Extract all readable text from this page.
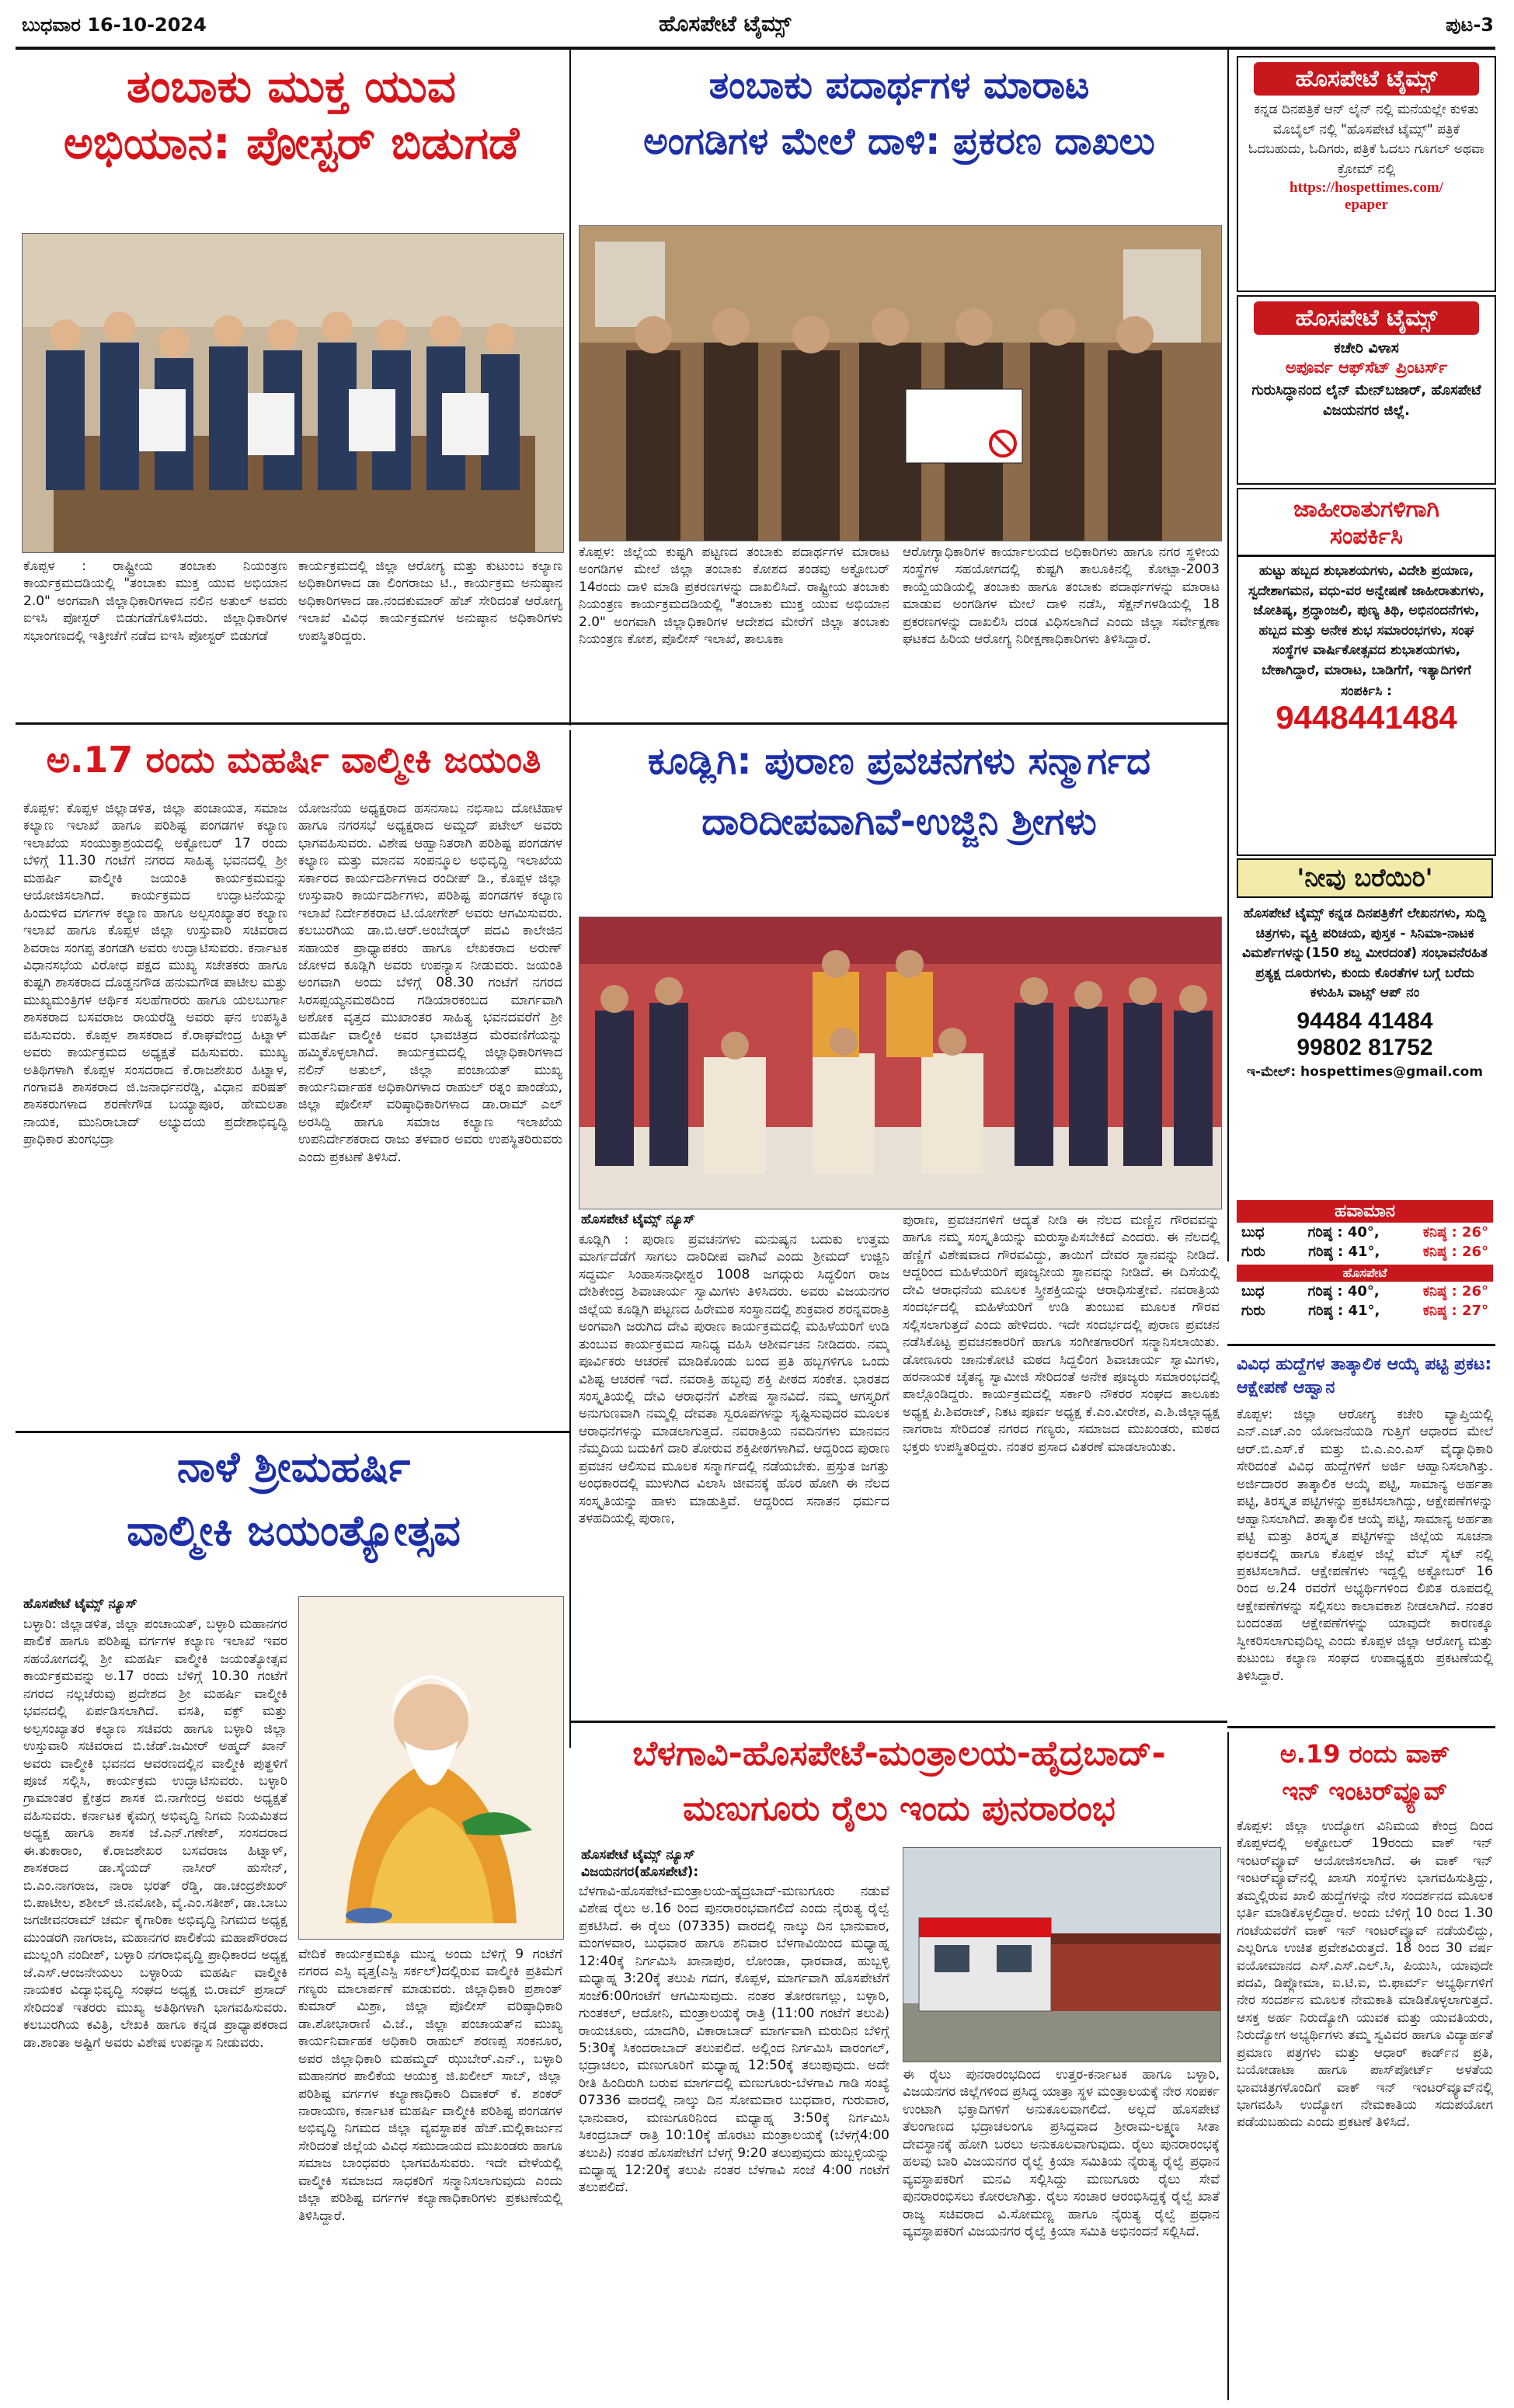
ಬುಧವಾರ 16-10-2024	ಹೊಸಪೇಟೆ ಟೈಮ್ಸ್	ಪುಟ-3
ತಂಬಾಕು ಮುಕ್ತ ಯುವ
ಅಭಿಯಾನ: ಪೋಸ್ಟರ್ ಬಿಡುಗಡೆ
ಕೊಪ್ಪಳ : ರಾಷ್ಟ್ರೀಯ ತಂಬಾಕು ನಿಯಂತ್ರಣ ಕಾರ್ಯಕ್ರಮದಡಿಯಲ್ಲಿ "ತಂಬಾಕು ಮುಕ್ತ ಯುವ ಅಭಿಯಾನ 2.0" ಅಂಗವಾಗಿ ಜಿಲ್ಲಾಧಿಕಾರಿಗಳಾದ ನಲಿನ ಅತುಲ್ ಅವರು ಐಇಸಿ ಪೋಸ್ಟರ್ ಬಿಡುಗಡೆಗೊಳಿಸಿದರು. ಜಿಲ್ಲಾಧಿಕಾರಿಗಳ ಸಭಾಂಗಣದಲ್ಲಿ ಇತ್ತೀಚೆಗೆ ನಡೆದ ಐಇಸಿ ಪೋಸ್ಟರ್ ಬಿಡುಗಡೆ
ಕಾರ್ಯಕ್ರಮದಲ್ಲಿ ಜಿಲ್ಲಾ ಆರೋಗ್ಯ ಮತ್ತು ಕುಟುಂಬ ಕಲ್ಯಾಣ ಅಧಿಕಾರಿಗಳಾದ ಡಾ ಲಿಂಗರಾಜು ಟಿ., ಕಾರ್ಯಕ್ರಮ ಅನುಷ್ಠಾನ ಅಧಿಕಾರಿಗಳಾದ ಡಾ.ನಂದಕುಮಾರ್ ಹೆಚ್ ಸೇರಿದಂತೆ ಆರೋಗ್ಯ ಇಲಾಖೆ ವಿವಿಧ ಕಾರ್ಯಕ್ರಮಗಳ ಅನುಷ್ಠಾನ ಅಧಿಕಾರಿಗಳು ಉಪಸ್ಥಿತರಿದ್ದರು.
ತಂಬಾಕು ಪದಾರ್ಥಗಳ ಮಾರಾಟ
ಅಂಗಡಿಗಳ ಮೇಲೆ ದಾಳಿ: ಪ್ರಕರಣ ದಾಖಲು
ಕೊಪ್ಪಳ: ಜಿಲ್ಲೆಯ ಕುಷ್ಟಗಿ ಪಟ್ಟಣದ ತಂಬಾಕು ಪದಾರ್ಥಗಳ ಮಾರಾಟ ಅಂಗಡಿಗಳ ಮೇಲೆ ಜಿಲ್ಲಾ ತಂಬಾಕು ಕೋಶದ ತಂಡವು ಅಕ್ಟೋಬರ್ 14ರಂದು ದಾಳಿ ಮಾಡಿ ಪ್ರಕರಣಗಳನ್ನು ದಾಖಲಿಸಿದೆ. ರಾಷ್ಟ್ರೀಯ ತಂಬಾಕು ನಿಯಂತ್ರಣ ಕಾರ್ಯಕ್ರಮದಡಿಯಲ್ಲಿ "ತಂಬಾಕು ಮುಕ್ತ ಯುವ ಅಭಿಯಾನ 2.0" ಅಂಗವಾಗಿ ಜಿಲ್ಲಾಧಿಕಾರಿಗಳ ಆದೇಶದ ಮೇರೆಗೆ ಜಿಲ್ಲಾ ತಂಬಾಕು ನಿಯಂತ್ರಣ ಕೋಶ, ಪೊಲೀಸ್ ಇಲಾಖೆ, ತಾಲೂಕಾ
ಆರೋಗ್ಯಾಧಿಕಾರಿಗಳ ಕಾರ್ಯಾಲಯದ ಅಧಿಕಾರಿಗಳು ಹಾಗೂ ನಗರ ಸ್ಥಳೀಯ ಸಂಸ್ಥೆಗಳ ಸಹಯೋಗದಲ್ಲಿ ಕುಷ್ಟಗಿ ತಾಲೂಕಿನಲ್ಲಿ ಕೋಟ್ಪಾ-2003 ಕಾಯ್ದೆಯಡಿಯಲ್ಲಿ ತಂಬಾಕು ಹಾಗೂ ತಂಬಾಕು ಪದಾರ್ಥಗಳನ್ನು ಮಾರಾಟ ಮಾಡುವ ಅಂಗಡಿಗಳ ಮೇಲೆ ದಾಳಿ ನಡೆಸಿ, ಸೆಕ್ಷನ್‌ಗಳಡಿಯಲ್ಲಿ 18 ಪ್ರಕರಣಗಳನ್ನು ದಾಖಲಿಸಿ ದಂಡ ವಿಧಿಸಲಾಗಿದೆ ಎಂದು ಜಿಲ್ಲಾ ಸರ್ವೇಕ್ಷಣಾ ಘಟಕದ ಹಿರಿಯ ಆರೋಗ್ಯ ನಿರೀಕ್ಷಣಾಧಿಕಾರಿಗಳು ತಿಳಿಸಿದ್ದಾರೆ.
ಅ.17 ರಂದು ಮಹರ್ಷಿ ವಾಲ್ಮೀಕಿ ಜಯಂತಿ
ಕೊಪ್ಪಳ: ಕೊಪ್ಪಳ ಜಿಲ್ಲಾಡಳಿತ, ಜಿಲ್ಲಾ ಪಂಚಾಯತ, ಸಮಾಜ ಕಲ್ಯಾಣ ಇಲಾಖೆ ಹಾಗೂ ಪರಿಶಿಷ್ಟ ಪಂಗಡಗಳ ಕಲ್ಯಾಣ ಇಲಾಖೆಯ ಸಂಯುಕ್ತಾಶ್ರಯದಲ್ಲಿ ಅಕ್ಟೋಬರ್ 17 ರಂದು ಬೆಳಿಗ್ಗೆ 11.30 ಗಂಟೆಗೆ ನಗರದ ಸಾಹಿತ್ಯ ಭವನದಲ್ಲಿ ಶ್ರೀ ಮಹರ್ಷಿ ವಾಲ್ಮೀಕಿ ಜಯಂತಿ ಕಾರ್ಯಕ್ರಮವನ್ನು ಆಯೋಜಿಸಲಾಗಿದೆ. ಕಾರ್ಯಕ್ರಮದ ಉದ್ಘಾಟನೆಯನ್ನು ಹಿಂದುಳಿದ ವರ್ಗಗಳ ಕಲ್ಯಾಣ ಹಾಗೂ ಅಲ್ಪಸಂಖ್ಯಾತರ ಕಲ್ಯಾಣ ಇಲಾಖೆ ಹಾಗೂ ಕೊಪ್ಪಳ ಜಿಲ್ಲಾ ಉಸ್ತುವಾರಿ ಸಚಿವರಾದ ಶಿವರಾಜ ಸಂಗಪ್ಪ ತಂಗಡಗಿ ಅವರು ಉದ್ಘಾಟಿಸುವರು. ಕರ್ನಾಟಕ ವಿಧಾನಸಭೆಯ ವಿರೋಧ ಪಕ್ಷದ ಮುಖ್ಯ ಸಚೇತಕರು ಹಾಗೂ ಕುಷ್ಟಗಿ ಶಾಸಕರಾದ ದೊಡ್ಡನಗೌಡ ಹನುಮಗೌಡ ಪಾಟೀಲ ಮತ್ತು ಮುಖ್ಯಮಂತ್ರಿಗಳ ಆರ್ಥಿಕ ಸಲಹೆಗಾರರು ಹಾಗೂ ಯಲಬುರ್ಗಾ ಶಾಸಕರಾದ ಬಸವರಾಜ ರಾಯರೆಡ್ಡಿ ಅವರು ಘನ ಉಪಸ್ಥಿತಿ ವಹಿಸುವರು. ಕೊಪ್ಪಳ ಶಾಸಕರಾದ ಕೆ.ರಾಘವೇಂದ್ರ ಹಿಟ್ನಾಳ್ ಅವರು ಕಾರ್ಯಕ್ರಮದ ಅಧ್ಯಕ್ಷತೆ ವಹಿಸುವರು. ಮುಖ್ಯ ಅತಿಥಿಗಳಾಗಿ ಕೊಪ್ಪಳ ಸಂಸದರಾದ ಕೆ.ರಾಜಶೇಖರ ಹಿಟ್ನಾಳ, ಗಂಗಾವತಿ ಶಾಸಕರಾದ ಜಿ.ಜನಾರ್ಧನರೆಡ್ಡಿ, ವಿಧಾನ ಪರಿಷತ್ ಶಾಸಕರುಗಳಾದ ಶರಣೇಗೌಡ ಬಯ್ಯಾಪೂರ, ಹೇಮಲತಾ ನಾಯಕ, ಮುನಿರಾಬಾದ್ ಅಭ್ಯುದಯ ಪ್ರದೇಶಾಭಿವೃದ್ಧಿ ಪ್ರಾಧಿಕಾರ ತುಂಗಭದ್ರಾ
ಯೋಜನೆಯ ಅಧ್ಯಕ್ಷರಾದ ಹಸನಸಾಬ ನಭಿಸಾಬ ದೋಟಿಹಾಳ ಹಾಗೂ ನಗರಸಭೆ ಅಧ್ಯಕ್ಷರಾದ ಅಮ್ಜದ್ ಪಟೇಲ್ ಅವರು ಭಾಗವಹಿಸುವರು. ವಿಶೇಷ ಆಹ್ವಾನಿತರಾಗಿ ಪರಿಶಿಷ್ಟ ಪಂಗಡಗಳ ಕಲ್ಯಾಣ ಮತ್ತು ಮಾನವ ಸಂಪನ್ಮೂಲ ಅಭಿವೃದ್ಧಿ ಇಲಾಖೆಯ ಸರ್ಕಾರದ ಕಾರ್ಯದರ್ಶಿಗಳಾದ ರಂದೀಪ್ ಡಿ., ಕೊಪ್ಪಳ ಜಿಲ್ಲಾ ಉಸ್ತುವಾರಿ ಕಾರ್ಯದರ್ಶಿಗಳು, ಪರಿಶಿಷ್ಟ ಪಂಗಡಗಳ ಕಲ್ಯಾಣ ಇಲಾಖೆ ನಿರ್ದೇಶಕರಾದ ಟಿ.ಯೋಗೇಶ್ ಅವರು ಆಗಮಿಸುವರು. ಕಲಬುರಗಿಯ ಡಾ.ಬಿ.ಆರ್.ಅಂಬೇಡ್ಕರ್ ಪದವಿ ಕಾಲೇಜಿನ ಸಹಾಯಕ ಪ್ರಾಧ್ಯಾಪಕರು ಹಾಗೂ ಲೇಖಕರಾದ ಅರುಣ್ ಜೋಳದ ಕೂಡ್ಲಿಗಿ ಅವರು ಉಪನ್ಯಾಸ ನೀಡುವರು. ಜಯಂತಿ ಅಂಗವಾಗಿ ಅಂದು ಬೆಳಿಗ್ಗೆ 08.30 ಗಂಟೆಗೆ ನಗರದ ಸಿರಸಪ್ಪಯ್ಯನಮಠದಿಂದ ಗಡಿಯಾರಕಂಬದ ಮಾರ್ಗವಾಗಿ ಅಶೋಕ ವೃತ್ತದ ಮುಖಾಂತರ ಸಾಹಿತ್ಯ ಭವನದವರೆಗೆ ಶ್ರೀ ಮಹರ್ಷಿ ವಾಲ್ಮೀಕಿ ಅವರ ಭಾವಚಿತ್ರದ ಮೆರವಣಿಗೆಯನ್ನು ಹಮ್ಮಿಕೊಳ್ಳಲಾಗಿದೆ. ಕಾರ್ಯಕ್ರಮದಲ್ಲಿ ಜಿಲ್ಲಾಧಿಕಾರಿಗಳಾದ ನಲಿನ್ ಅತುಲ್, ಜಿಲ್ಲಾ ಪಂಚಾಯತ್ ಮುಖ್ಯ ಕಾರ್ಯನಿರ್ವಾಹಕ ಅಧಿಕಾರಿಗಳಾದ ರಾಹುಲ್ ರತ್ನಂ ಪಾಂಡೆಯ, ಜಿಲ್ಲಾ ಪೊಲೀಸ್ ವರಿಷ್ಠಾಧಿಕಾರಿಗಳಾದ ಡಾ.ರಾಮ್ ಎಲ್ ಅರಸಿದ್ದಿ ಹಾಗೂ ಸಮಾಜ ಕಲ್ಯಾಣ ಇಲಾಖೆಯ ಉಪನಿರ್ದೇಶಕರಾದ ರಾಜು ತಳವಾರ ಅವರು ಉಪಸ್ಥಿತರಿರುವರು ಎಂದು ಪ್ರಕಟಣೆ ತಿಳಿಸಿದೆ.
ಕೂಡ್ಲಿಗಿ: ಪುರಾಣ ಪ್ರವಚನಗಳು ಸನ್ಮಾರ್ಗದ
ದಾರಿದೀಪವಾಗಿವೆ-ಉಜ್ಜಿನಿ ಶ್ರೀಗಳು
ಹೊಸಪೇಟೆ ಟೈಮ್ಸ್ ನ್ಯೂಸ್
ಕೂಡ್ಲಿಗಿ : ಪುರಾಣ ಪ್ರವಚನಗಳು ಮನುಷ್ಯನ ಬದುಕು ಉತ್ತಮ ಮಾರ್ಗದೆಡೆಗೆ ಸಾಗಲು ದಾರಿದೀಪ ವಾಗಿವೆ ಎಂದು ಶ್ರೀಮದ್ ಉಜ್ಜಿನಿ ಸದ್ಧರ್ಮ ಸಿಂಹಾಸನಾಧೀಶ್ವರ 1008 ಜಗದ್ಗುರು ಸಿದ್ಧಲಿಂಗ ರಾಜ ದೇಶಿಕೇಂದ್ರ ಶಿವಾಚಾರ್ಯ ಸ್ವಾಮಿಗಳು ತಿಳಿಸಿದರು. ಅವರು ವಿಜಯನಗರ ಜಿಲ್ಲೆಯ ಕೂಡ್ಲಿಗಿ ಪಟ್ಟಣದ ಹಿರೇಮಠ ಸಂಸ್ಥಾನದಲ್ಲಿ ಶುಕ್ರವಾರ ಶರನ್ನವರಾತ್ರಿ ಅಂಗವಾಗಿ ಜರುಗಿದ ದೇವಿ ಪುರಾಣ ಕಾರ್ಯಕ್ರಮದಲ್ಲಿ ಮಹಿಳೆಯರಿಗೆ ಉಡಿ ತುಂಬುವ ಕಾರ್ಯಕ್ರಮದ ಸಾನಿಧ್ಯ ವಹಿಸಿ ಆಶೀರ್ವಚನ ನೀಡಿದರು. ನಮ್ಮ ಪೂರ್ವಿಕರು ಆಚರಣೆ ಮಾಡಿಕೊಂಡು ಬಂದ ಪ್ರತಿ ಹಬ್ಬಗಳಿಗೂ ಒಂದು ವಿಶಿಷ್ಟ ಆಚರಣೆ ಇದೆ. ನವರಾತ್ರಿ ಹಬ್ಬವು ಶಕ್ತಿ ಪೀಠದ ಸಂಕೇತ. ಭಾರತದ ಸಂಸ್ಕೃತಿಯಲ್ಲಿ ದೇವಿ ಆರಾಧನೆಗೆ ವಿಶೇಷ ಸ್ಥಾನವಿದೆ. ನಮ್ಮ ಆಗಸ್ತ್ಯರಿಗೆ ಅನುಗುಣವಾಗಿ ನಮ್ಮಲ್ಲಿ ದೇವತಾ ಸ್ವರೂಪಗಳನ್ನು ಸೃಷ್ಟಿಸುವುದರ ಮೂಲಕ ಆರಾಧನೆಗಳನ್ನು ಮಾಡಲಾಗುತ್ತದೆ. ನವರಾತ್ರಿಯ ನವದಿನಗಳು ಮಾನವನ ನೆಮ್ಮದಿಯ ಬದುಕಿಗೆ ದಾರಿ ತೋರುವ ಶಕ್ತಿಪೀಠಗಳಾಗಿವೆ. ಆದ್ದರಿಂದ ಪುರಾಣ ಪ್ರವಚನ ಆಲಿಸುವ ಮೂಲಕ ಸನ್ಮಾರ್ಗದಲ್ಲಿ ನಡೆಯಬೇಕು. ಪ್ರಸ್ತುತ ಜಗತ್ತು ಅಂಧಕಾರದಲ್ಲಿ ಮುಳುಗಿದ ವಿಲಾಸಿ ಜೀವನಕ್ಕೆ ಹೊರ ಹೋಗಿ ಈ ನೆಲದ ಸಂಸ್ಕೃತಿಯನ್ನು ಹಾಳು ಮಾಡುತ್ತಿವೆ. ಆದ್ದರಿಂದ ಸನಾತನ ಧರ್ಮದ ತಳಹದಿಯಲ್ಲಿ ಪುರಾಣ,
ಪುರಾಣ, ಪ್ರವಚನಗಳಿಗೆ ಆದ್ಯತೆ ನೀಡಿ ಈ ನೆಲದ ಮಣ್ಣಿನ ಗೌರವವನ್ನು ಹಾಗೂ ನಮ್ಮ ಸಂಸ್ಕೃತಿಯನ್ನು ಮರುಸ್ಥಾಪಿಸಬೇಕಿದೆ ಎಂದರು. ಈ ನೆಲದಲ್ಲಿ ಹೆಣ್ಣಿಗೆ ವಿಶೇಷವಾದ ಗೌರವವಿದ್ದು, ತಾಯಿಗೆ ದೇವರ ಸ್ಥಾನವನ್ನು ನೀಡಿದೆ. ಆದ್ದರಿಂದ ಮಹಿಳೆಯರಿಗೆ ಪೂಜ್ಯನೀಯ ಸ್ಥಾನವನ್ನು ನೀಡಿದೆ. ಈ ದಿಸೆಯಲ್ಲಿ ದೇವಿ ಆರಾಧನೆಯ ಮೂಲಕ ಸ್ತ್ರೀಶಕ್ತಿಯನ್ನು ಆರಾಧಿಸುತ್ತೇವೆ. ನವರಾತ್ರಿಯ ಸಂದರ್ಭದಲ್ಲಿ ಮಹಿಳೆಯರಿಗೆ ಉಡಿ ತುಂಬುವ ಮೂಲಕ ಗೌರವ ಸಲ್ಲಿಸಲಾಗುತ್ತದೆ ಎಂದು ಹೇಳಿದರು. ಇದೇ ಸಂದರ್ಭದಲ್ಲಿ ಪುರಾಣ ಪ್ರವಚನ ನಡೆಸಿಕೊಟ್ಟ ಪ್ರವಚನಕಾರರಿಗೆ ಹಾಗೂ ಸಂಗೀತಗಾರರಿಗೆ ಸನ್ಮಾನಿಸಲಾಯಿತು. ಡೋಣೂರು ಚಾನುಕೋಟಿ ಮಠದ ಸಿದ್ದಲಿಂಗ ಶಿವಾಚಾರ್ಯ ಸ್ವಾಮಿಗಳು, ಹರನಾಯಕ ಚೈತನ್ಯ ಸ್ವಾಮೀಜಿ ಸೇರಿದಂತೆ ಅನೇಕ ಪೂಜ್ಯರು ಸಮಾರಂಭದಲ್ಲಿ ಪಾಲ್ಗೊಂಡಿದ್ದರು. ಕಾರ್ಯಕ್ರಮದಲ್ಲಿ ಸರ್ಕಾರಿ ನೌಕರರ ಸಂಘದ ತಾಲೂಕು ಅಧ್ಯಕ್ಷ ಪಿ.ಶಿವರಾಜ್, ನಿಕಟ ಪೂರ್ವ ಅಧ್ಯಕ್ಷ ಕೆ.ಎಂ.ವೀರೇಶ, ಎ.ಶಿ.ಜಿಲ್ಲಾಧ್ಯಕ್ಷ ನಾಗರಾಜ ಸೇರಿದಂತೆ ನಗರದ ಗಣ್ಯರು, ಸಮಾಜದ ಮುಖಂಡರು, ಮಠದ ಭಕ್ತರು ಉಪಸ್ಥಿತರಿದ್ದರು. ನಂತರ ಪ್ರಸಾದ ವಿತರಣೆ ಮಾಡಲಾಯಿತು.
ನಾಳೆ ಶ್ರೀಮಹರ್ಷಿ
ವಾಲ್ಮೀಕಿ ಜಯಂತ್ಯೋತ್ಸವ
ಹೊಸಪೇಟೆ ಟೈಮ್ಸ್ ನ್ಯೂಸ್
ಬಳ್ಳಾರಿ: ಜಿಲ್ಲಾಡಳಿತ, ಜಿಲ್ಲಾ ಪಂಚಾಯತ್, ಬಳ್ಳಾರಿ ಮಹಾನಗರ ಪಾಲಿಕೆ ಹಾಗೂ ಪರಿಶಿಷ್ಟ ವರ್ಗಗಳ ಕಲ್ಯಾಣ ಇಲಾಖೆ ಇವರ ಸಹಯೋಗದಲ್ಲಿ ಶ್ರೀ ಮಹರ್ಷಿ ವಾಲ್ಮೀಕಿ ಜಯಂತ್ಯೋತ್ಸವ ಕಾರ್ಯಕ್ರಮವನ್ನು ಅ.17 ರಂದು ಬೆಳಿಗ್ಗೆ 10.30 ಗಂಟೆಗೆ ನಗರದ ನಲ್ಲಚೆರುವು ಪ್ರದೇಶದ ಶ್ರೀ ಮಹರ್ಷಿ ವಾಲ್ಮೀಕಿ ಭವನದಲ್ಲಿ ಏರ್ಪಡಿಸಲಾಗಿದೆ. ವಸತಿ, ವಕ್ಫ್ ಮತ್ತು ಅಲ್ಪಸಂಖ್ಯಾತರ ಕಲ್ಯಾಣ ಸಚಿವರು ಹಾಗೂ ಬಳ್ಳಾರಿ ಜಿಲ್ಲಾ ಉಸ್ತುವಾರಿ ಸಚಿವರಾದ ಬಿ.ಜೆಡ್.ಜಮೀರ್ ಅಹ್ಮದ್ ಖಾನ್ ಅವರು ವಾಲ್ಮೀಕಿ ಭವನದ ಆವರಣದಲ್ಲಿನ ವಾಲ್ಮೀಕಿ ಪುತ್ಥಳಿಗೆ ಪೂಜೆ ಸಲ್ಲಿಸಿ, ಕಾರ್ಯಕ್ರಮ ಉದ್ಘಾಟಿಸುವರು. ಬಳ್ಳಾರಿ ಗ್ರಾಮಾಂತರ ಕ್ಷೇತ್ರದ ಶಾಸಕ ಬಿ.ನಾಗೇಂದ್ರ ಅವರು ಅಧ್ಯಕ್ಷತೆ ವಹಿಸುವರು. ಕರ್ನಾಟಕ ಕೈಮಗ್ಗ ಅಭಿವೃದ್ಧಿ ನಿಗಮ ನಿಯಮಿತದ ಅಧ್ಯಕ್ಷ ಹಾಗೂ ಶಾಸಕ ಜೆ.ಎನ್.ಗಣೇಶ್, ಸಂಸದರಾದ ಈ.ತುಕಾರಾಂ, ಕೆ.ರಾಜಶೇಖರ ಬಸವರಾಜ ಹಿಟ್ನಾಳ್, ಶಾಸಕರಾದ ಡಾ.ಸೈಯದ್ ನಾಸೀರ್ ಹುಸೇನ್, ಬಿ.ಎಂ.ನಾಗರಾಜ, ನಾರಾ ಭರತ್ ರೆಡ್ಡಿ, ಡಾ.ಚಂದ್ರಶೇಖರ್ ಬಿ.ಪಾಟೀಲ, ಶಶೀಲ್ ಜಿ.ನಮೋಶಿ, ವೈ.ಎಂ.ಸತೀಶ್, ಡಾ.ಬಾಬು ಜಗಜೀವನರಾಮ್ ಚರ್ಮ ಕೈಗಾರಿಕಾ ಅಭಿವೃದ್ಧಿ ನಿಗಮದ ಅಧ್ಯಕ್ಷ ಮುಂಡರಗಿ ನಾಗರಾಜ, ಮಹಾನಗರ ಪಾಲಿಕೆಯ ಮಹಾಪೌರರಾದ ಮುಲ್ಲಂಗಿ ನಂದೀಶ್, ಬಳ್ಳಾರಿ ನಗರಾಭಿವೃದ್ಧಿ ಪ್ರಾಧಿಕಾರದ ಅಧ್ಯಕ್ಷ ಜೆ.ಎಸ್.ಆಂಜನೇಯಲು ಬಳ್ಳಾರಿಯ ಮಹರ್ಷಿ ವಾಲ್ಮೀಕಿ ನಾಯಕರ ವಿದ್ಯಾಭಿವೃದ್ಧಿ ಸಂಘದ ಅಧ್ಯಕ್ಷ ಬಿ.ರಾಮ್ ಪ್ರಸಾದ್ ಸೇರಿದಂತೆ ಇತರರು ಮುಖ್ಯ ಅತಿಥಿಗಳಾಗಿ ಭಾಗವಹಿಸುವರು. ಕಲಬುರಗಿಯ ಕವಿತ್ರಿ, ಲೇಖಕಿ ಹಾಗೂ ಕನ್ನಡ ಪ್ರಾಧ್ಯಾಪಕರಾದ ಡಾ.ಶಾಂತಾ ಅಷ್ಟಿಗೆ ಅವರು ವಿಶೇಷ ಉಪನ್ಯಾಸ ನೀಡುವರು.
ವೇದಿಕೆ ಕಾರ್ಯಕ್ರಮಕ್ಕೂ ಮುನ್ನ ಅಂದು ಬೆಳಿಗ್ಗೆ 9 ಗಂಟೆಗೆ ನಗರದ ಎಸ್ಪಿ ವೃತ್ತ(ಎಸ್ಪಿ ಸರ್ಕಲ್)ದಲ್ಲಿರುವ ವಾಲ್ಮೀಕಿ ಪ್ರತಿಮೆಗೆ ಗಣ್ಯರು ಮಾಲಾರ್ಪಣೆ ಮಾಡುವರು. ಜಿಲ್ಲಾಧಿಕಾರಿ ಪ್ರಶಾಂತ್ ಕುಮಾರ್ ಮಿಶ್ರಾ, ಜಿಲ್ಲಾ ಪೊಲೀಸ್ ವರಿಷ್ಠಾಧಿಕಾರಿ ಡಾ.ಶೋಭಾರಾಣಿ ವಿ.ಜೆ., ಜಿಲ್ಲಾ ಪಂಚಾಯತ್‌ನ ಮುಖ್ಯ ಕಾರ್ಯನಿರ್ವಾಹಕ ಅಧಿಕಾರಿ ರಾಹುಲ್ ಶರಣಪ್ಪ ಸಂಕನೂರ, ಅಪರ ಜಿಲ್ಲಾಧಿಕಾರಿ ಮಹಮ್ಮದ್ ಝುಬೇರ್.ಎನ್., ಬಳ್ಳಾರಿ ಮಹಾನಗರ ಪಾಲಿಕೆಯ ಆಯುಕ್ತ ಜಿ.ಖಲೀಲ್ ಸಾಬ್, ಜಿಲ್ಲಾ ಪರಿಶಿಷ್ಟ ವರ್ಗಗಳ ಕಲ್ಯಾಣಾಧಿಕಾರಿ ದಿವಾಕರ್ ಕೆ. ಶಂಕರ್ ನಾರಾಯಣ, ಕರ್ನಾಟಕ ಮಹರ್ಷಿ ವಾಲ್ಮೀಕಿ ಪರಿಶಿಷ್ಟ ಪಂಗಡಗಳ ಅಭಿವೃದ್ಧಿ ನಿಗಮದ ಜಿಲ್ಲಾ ವ್ಯವಸ್ಥಾಪಕ ಹೆಚ್.ಮಲ್ಲಿಕಾರ್ಜುನ ಸೇರಿದಂತೆ ಜಿಲ್ಲೆಯ ವಿವಿಧ ಸಮುದಾಯದ ಮುಖಂಡರು ಹಾಗೂ ಸಮಾಜ ಬಾಂಧವರು ಭಾಗವಹಿಸುವರು. ಇದೇ ವೇಳೆಯಲ್ಲಿ ವಾಲ್ಮೀಕಿ ಸಮಾಜದ ಸಾಧಕರಿಗೆ ಸನ್ಮಾನಿಸಲಾಗುವುದು ಎಂದು ಜಿಲ್ಲಾ ಪರಿಶಿಷ್ಟ ವರ್ಗಗಳ ಕಲ್ಯಾಣಾಧಿಕಾರಿಗಳು ಪ್ರಕಟಣೆಯಲ್ಲಿ ತಿಳಿಸಿದ್ದಾರೆ.
ಬೆಳಗಾವಿ-ಹೊಸಪೇಟೆ-ಮಂತ್ರಾಲಯ-ಹೈದ್ರಬಾದ್-
ಮಣುಗೂರು ರೈಲು ಇಂದು ಪುನರಾರಂಭ
ಹೊಸಪೇಟೆ ಟೈಮ್ಸ್ ನ್ಯೂಸ್
ವಿಜಯನಗರ(ಹೊಸಪೇಟೆ):
ಬೆಳಗಾವಿ-ಹೊಸಪೇಟೆ-ಮಂತ್ರಾಲಯ-ಹೈದ್ರಬಾದ್-ಮಣುಗೂರು ನಡುವೆ ವಿಶೇಷ ರೈಲು ಅ.16 ರಿಂದ ಪುನರಾರಂಭವಾಗಲಿದೆ ಎಂದು ನೈರುತ್ಯ ರೈಲ್ವೆ ಪ್ರಕಟಿಸಿದೆ. ಈ ರೈಲು (07335) ವಾರದಲ್ಲಿ ನಾಲ್ಕು ದಿನ ಭಾನುವಾರ, ಮಂಗಳವಾರ, ಬುಧವಾರ ಹಾಗೂ ಶನಿವಾರ ಬೆಳಗಾವಿಯಿಂದ ಮಧ್ಯಾಹ್ನ 12:40ಕ್ಕೆ ನಿರ್ಗಮಿಸಿ ಖಾನಾಪುರ, ಲೋಂಡಾ, ಧಾರವಾಡ, ಹುಬ್ಬಳ್ಳಿ ಮಧ್ಯಾಹ್ನ 3:20ಕ್ಕೆ ತಲುಪಿ ಗದಗ, ಕೊಪ್ಪಳ, ಮಾರ್ಗವಾಗಿ ಹೊಸಪೇಟೆಗೆ ಸಂಜೆ6:00ಗಂಟೆಗೆ ಆಗಮಿಸುವುದು. ನಂತರ ತೋರಣಗಲ್ಲು, ಬಳ್ಳಾರಿ, ಗುಂತಕಲ್, ಆದೋನಿ, ಮಂತ್ರಾಲಯಕ್ಕೆ ರಾತ್ರಿ (11:00 ಗಂಟೆಗೆ ತಲುಪಿ) ರಾಯಚೂರು, ಯಾದಗಿರಿ, ವಿಕಾರಾಬಾದ್ ಮಾರ್ಗವಾಗಿ ಮರುದಿನ ಬೆಳಿಗ್ಗೆ 5:30ಕ್ಕೆ ಸಿಕಂದರಾಬಾದ್ ತಲುಪಲಿದೆ. ಅಲ್ಲಿಂದ ನಿರ್ಗಮಿಸಿ ವಾರಂಗಲ್, ಭದ್ರಾಚಲಂ, ಮಣುಗೂರಿಗೆ ಮಧ್ಯಾಹ್ನ 12:50ಕ್ಕೆ ತಲುಪುವುದು. ಅದೇ ರೀತಿ ಹಿಂದಿರುಗಿ ಬರುವ ಮಾರ್ಗದಲ್ಲಿ ಮಣುಗೂರು-ಬೆಳಗಾವಿ ಗಾಡಿ ಸಂಖ್ಯೆ 07336 ವಾರದಲ್ಲಿ ನಾಲ್ಕು ದಿನ ಸೋಮವಾರ ಬುಧವಾರ, ಗುರುವಾರ, ಭಾನುವಾರ, ಮಣುಗೂರಿನಿಂದ ಮಧ್ಯಾಹ್ನ 3:50ಕ್ಕೆ ನಿರ್ಗಮಿಸಿ ಸಿಕಂದ್ರಬಾದ್ ರಾತ್ರಿ 10:10ಕ್ಕೆ ಹೊರಟು ಮಂತ್ರಾಲಯಕ್ಕೆ (ಬೆಳಗ್ಗೆ4:00 ತಲುಪಿ) ನಂತರ ಹೊಸಪೇಟೆಗೆ ಬೆಳಗ್ಗೆ 9:20 ತಲುಪುವುದು ಹುಬ್ಬಳ್ಳಿಯನ್ನು ಮಧ್ಯಾಹ್ನ 12:20ಕ್ಕೆ ತಲುಪಿ ನಂತರ ಬೆಳಗಾವಿ ಸಂಜೆ 4:00 ಗಂಟೆಗೆ ತಲುಪಲಿದೆ.
ಈ ರೈಲು ಪುನರಾರಂಭದಿಂದ ಉತ್ತರ-ಕರ್ನಾಟಕ ಹಾಗೂ ಬಳ್ಳಾರಿ, ವಿಜಯನಗರ ಜಿಲ್ಲೆಗಳಿಂದ ಪ್ರಸಿದ್ಧ ಯಾತ್ರಾ ಸ್ಥಳ ಮಂತ್ರಾಲಯಕ್ಕೆ ನೇರ ಸಂಪರ್ಕ ಉಂಟಾಗಿ ಭಕ್ತಾದಿಗಳಿಗೆ ಅನುಕೂಲವಾಗಲಿದೆ. ಅಲ್ಲದೆ ಹೊಸಪೇಟೆ ತೆಲಂಗಾಣದ ಭದ್ರಾಚಲಂಗೂ ಪ್ರಸಿದ್ಧವಾದ ಶ್ರೀರಾಮ-ಲಕ್ಷ್ಮಣ ಸೀತಾ ದೇವಸ್ಥಾನಕ್ಕೆ ಹೋಗಿ ಬರಲು ಅನುಕೂಲವಾಗುವುದು. ರೈಲು ಪುನರಾರಂಭಕ್ಕೆ ಹಲವು ಬಾರಿ ವಿಜಯನಗರ ರೈಲ್ವೆ ಕ್ರಿಯಾ ಸಮಿತಿಯ ನೈರುತ್ಯ ರೈಲ್ವೆ ಪ್ರಧಾನ ವ್ಯವಸ್ಥಾಪಕರಿಗೆ ಮನವಿ ಸಲ್ಲಿಸಿದ್ದು ಮಣುಗೂರು ರೈಲು ಸೇವೆ ಪುನರಾರಂಭಿಸಲು ಕೋರಲಾಗಿತ್ತು. ರೈಲು ಸಂಚಾರ ಆರಂಭಿಸಿದ್ದಕ್ಕೆ ರೈಲ್ವೆ ಖಾತೆ ರಾಜ್ಯ ಸಚಿವರಾದ ವಿ.ಸೋಮಣ್ಣ ಹಾಗೂ ನೈರುತ್ಯ ರೈಲ್ವೆ ಪ್ರಧಾನ ವ್ಯವಸ್ಥಾಪಕರಿಗೆ ವಿಜಯನಗರ ರೈಲ್ವೆ ಕ್ರಿಯಾ ಸಮಿತಿ ಅಭಿನಂದನೆ ಸಲ್ಲಿಸಿದೆ.
ಹೊಸಪೇಟೆ ಟೈಮ್ಸ್
ಕನ್ನಡ ದಿನಪತ್ರಿಕೆ ಆನ್ ಲೈನ್ ನಲ್ಲಿ ಮನೆಯಲ್ಲೇ ಕುಳಿತು ಮೊಬೈಲ್ ನಲ್ಲಿ "ಹೊಸಪೇಟೆ ಟೈಮ್ಸ್" ಪತ್ರಿಕೆ ಓದಬಹುದು, ಓದಿಗರು, ಪತ್ರಿಕೆ ಓದಲು ಗೂಗಲ್ ಅಥವಾ ಕ್ರೋಮ್ ನಲ್ಲಿ
https://hospettimes.com/
epaper
ಹೊಸಪೇಟೆ ಟೈಮ್ಸ್
ಕಚೇರಿ ವಿಳಾಸ
ಅಪೂರ್ವ ಆಫ್‌ಸೆಟ್ ಪ್ರಿಂಟರ್ಸ್
ಗುರುಸಿದ್ಧಾನಂದ ಲೈನ್ ಮೇನ್‌ಬಜಾರ್, ಹೊಸಪೇಟೆ ವಿಜಯನಗರ ಜಿಲ್ಲೆ.
ಜಾಹೀರಾತುಗಳಿಗಾಗಿ
ಸಂಪರ್ಕಿಸಿ
ಹುಟ್ಟು ಹಬ್ಬದ ಶುಭಾಶಯಗಳು, ವಿದೇಶಿ ಪ್ರಯಾಣ, ಸ್ವದೇಶಾಗಮನ, ವಧು-ವರ ಅನ್ವೇಷಣೆ ಜಾಹೀರಾತುಗಳು, ಜೋತಿಷ್ಯ, ಶ್ರದ್ಧಾಂಜಲಿ, ಪುಣ್ಯ ತಿಥಿ, ಅಭಿನಂದನೆಗಳು, ಹಬ್ಬದ ಮತ್ತು ಅನೇಕ ಶುಭ ಸಮಾರಂಭಗಳು, ಸಂಘ ಸಂಸ್ಥೆಗಳ ವಾರ್ಷಿಕೋತ್ಸವದ ಶುಭಾಶಯಗಳು, ಬೇಕಾಗಿದ್ದಾರೆ, ಮಾರಾಟ, ಬಾಡಿಗೆಗೆ, ಇತ್ಯಾದಿಗಳಿಗೆ
ಸಂಪರ್ಕಿಸಿ :
9448441484
'ನೀವು ಬರೆಯಿರಿ'
ಹೊಸಪೇಟೆ ಟೈಮ್ಸ್ ಕನ್ನಡ ದಿನಪತ್ರಿಕೆಗೆ ಲೇಖನಗಳು, ಸುದ್ದಿ ಚಿತ್ರಗಳು, ವ್ಯಕ್ತಿ ಪರಿಚಯ, ಪುಸ್ತಕ - ಸಿನಿಮಾ-ನಾಟಕ ವಿಮರ್ಶೆಗಳನ್ನು(150 ಶಬ್ದ ಮೀರದಂತೆ) ಸಂಭಾವನೆರಹಿತ ಪ್ರತ್ಯಕ್ಷ ದೂರುಗಳು, ಕುಂದು ಕೊರತೆಗಳ ಬಗ್ಗೆ ಬರೆದು ಕಳುಹಿಸಿ ವಾಟ್ಸ್ ಆಪ್ ನಂ
94484 41484
99802 81752
ಇ-ಮೇಲ್: hospettimes@gmail.com
ಹವಾಮಾನ
ಬುಧ	ಗರಿಷ್ಠ : 40°,	ಕನಿಷ್ಠ : 26°
ಗುರು	ಗರಿಷ್ಠ : 41°,	ಕನಿಷ್ಠ : 26°
ಹೊಸಪೇಟೆ
ಬುಧ	ಗರಿಷ್ಠ : 40°,	ಕನಿಷ್ಠ : 26°
ಗುರು	ಗರಿಷ್ಠ : 41°,	ಕನಿಷ್ಠ : 27°
ವಿವಿಧ ಹುದ್ದೆಗಳ ತಾತ್ಕಾಲಿಕ ಆಯ್ಕೆ ಪಟ್ಟಿ ಪ್ರಕಟ: ಆಕ್ಷೇಪಣೆ ಆಹ್ವಾನ
ಕೊಪ್ಪಳ: ಜಿಲ್ಲಾ ಆರೋಗ್ಯ ಕಚೇರಿ ವ್ಯಾಪ್ತಿಯಲ್ಲಿ ಎನ್.ಎಚ್.ಎಂ ಯೋಜನೆಯಡಿ ಗುತ್ತಿಗೆ ಆಧಾರದ ಮೇಲೆ ಆರ್.ಬಿ.ಎಸ್.ಕೆ ಮತ್ತು ಬಿ.ಎ.ಎಂ.ಎಸ್ ವೈದ್ಯಾಧಿಕಾರಿ ಸೇರಿದಂತೆ ವಿವಿಧ ಹುದ್ದೆಗಳಿಗೆ ಅರ್ಜಿ ಆಹ್ವಾನಿಸಲಾಗಿತ್ತು. ಅರ್ಜಿದಾರರ ತಾತ್ಕಾಲಿಕ ಆಯ್ಕೆ ಪಟ್ಟಿ, ಸಾಮಾನ್ಯ ಅರ್ಹತಾ ಪಟ್ಟಿ, ತಿರಸ್ಕೃತ ಪಟ್ಟಿಗಳನ್ನು ಪ್ರಕಟಿಸಲಾಗಿದ್ದು, ಆಕ್ಷೇಪಣೆಗಳನ್ನು ಆಹ್ವಾನಿಸಲಾಗಿದೆ. ತಾತ್ಕಾಲಿಕ ಆಯ್ಕೆ ಪಟ್ಟಿ, ಸಾಮಾನ್ಯ ಅರ್ಹತಾ ಪಟ್ಟಿ ಮತ್ತು ತಿರಸ್ಕೃತ ಪಟ್ಟಿಗಳನ್ನು ಜಿಲ್ಲೆಯ ಸೂಚನಾ ಫಲಕದಲ್ಲಿ ಹಾಗೂ ಕೊಪ್ಪಳ ಜಿಲ್ಲೆ ವೆಬ್ ಸೈಟ್ ನಲ್ಲಿ ಪ್ರಕಟಿಸಲಾಗಿದೆ. ಆಕ್ಷೇಪಣೆಗಳು ಇದ್ದಲ್ಲಿ ಅಕ್ಟೋಬರ್ 16 ರಿಂದ ಅ.24 ರವರೆಗೆ ಅಭ್ಯರ್ಥಿಗಳಿಂದ ಲಿಖಿತ ರೂಪದಲ್ಲಿ ಆಕ್ಷೇಪಣೆಗಳನ್ನು ಸಲ್ಲಿಸಲು ಕಾಲಾವಕಾಶ ನೀಡಲಾಗಿದೆ. ನಂತರ ಬಂದಂತಹ ಆಕ್ಷೇಪಣೆಗಳನ್ನು ಯಾವುದೇ ಕಾರಣಕ್ಕೂ ಸ್ವೀಕರಿಸಲಾಗುವುದಿಲ್ಲ ಎಂದು ಕೊಪ್ಪಳ ಜಿಲ್ಲಾ ಆರೋಗ್ಯ ಮತ್ತು ಕುಟುಂಬ ಕಲ್ಯಾಣ ಸಂಘದ ಉಪಾಧ್ಯಕ್ಷರು ಪ್ರಕಟಣೆಯಲ್ಲಿ ತಿಳಿಸಿದ್ದಾರೆ.
ಅ.19 ರಂದು ವಾಕ್
ಇನ್ ಇಂಟರ್‌ವ್ಯೂವ್
ಕೊಪ್ಪಳ: ಜಿಲ್ಲಾ ಉದ್ಯೋಗ ವಿನಿಮಯ ಕೇಂದ್ರ ದಿಂದ ಕೊಪ್ಪಳದಲ್ಲಿ ಅಕ್ಟೋಬರ್ 19ರಂದು ವಾಕ್ ಇನ್ ಇಂಟರ್‌ವ್ಯೂವ್ ಆಯೋಜಿಸಲಾಗಿದೆ. ಈ ವಾಕ್ ಇನ್ ಇಂಟರ್‌ವ್ಯೂವ್‌ನಲ್ಲಿ ಖಾಸಗಿ ಸಂಸ್ಥೆಗಳು ಭಾಗವಹಿಸುತ್ತಿದ್ದು, ತಮ್ಮಲ್ಲಿರುವ ಖಾಲಿ ಹುದ್ದೆಗಳನ್ನು ನೇರ ಸಂದರ್ಶನದ ಮೂಲಕ ಭರ್ತಿ ಮಾಡಿಕೊಳ್ಳಲಿದ್ದಾರೆ. ಅಂದು ಬೆಳಿಗ್ಗೆ 10 ರಿಂದ 1.30 ಗಂಟೆಯವರೆಗೆ ವಾಕ್ ಇನ್ ಇಂಟರ್‌ವ್ಯೂವ್ ನಡೆಯಲಿದ್ದು, ಎಲ್ಲರಿಗೂ ಉಚಿತ ಪ್ರವೇಶವಿರುತ್ತದೆ. 18 ರಿಂದ 30 ವರ್ಷ ವಯೋಮಾನದ ಎಸ್.ಎಸ್.ಎಲ್.ಸಿ, ಪಿಯುಸಿ, ಯಾವುದೇ ಪದವಿ, ಡಿಪ್ಲೋಮಾ, ಐ.ಟಿ.ಐ, ಬಿ.ಫಾರ್ಮ್ ಅಭ್ಯರ್ಥಿಗಳಿಗೆ ನೇರ ಸಂದರ್ಶನ ಮೂಲಕ ನೇಮಕಾತಿ ಮಾಡಿಕೊಳ್ಳಲಾಗುತ್ತದೆ. ಆಸಕ್ತ ಅರ್ಹ ನಿರುದ್ಯೋಗಿ ಯುವಕ ಮತ್ತು ಯುವತಿಯರು, ನಿರುದ್ಯೋಗ ಅಭ್ಯರ್ಥಿಗಳು ತಮ್ಮ ಸ್ವವಿವರ ಹಾಗೂ ವಿದ್ಯಾರ್ಹತೆ ಪ್ರಮಾಣ ಪತ್ರಗಳು ಮತ್ತು ಆಧಾರ್ ಕಾರ್ಡ್‌ನ ಪ್ರತಿ, ಬಯೋಡಾಟಾ ಹಾಗೂ ಪಾಸ್‌ಪೋರ್ಟ್ ಅಳತೆಯ ಭಾವಚಿತ್ರಗಳೊಂದಿಗೆ ವಾಕ್ ಇನ್ ಇಂಟರ್‌ವ್ಯೂವ್‌ನಲ್ಲಿ ಭಾಗವಹಿಸಿ ಉದ್ಯೋಗ ನೇಮಕಾತಿಯ ಸದುಪಯೋಗ ಪಡೆಯಬಹುದು ಎಂದು ಪ್ರಕಟಣೆ ತಿಳಿಸಿದೆ.
